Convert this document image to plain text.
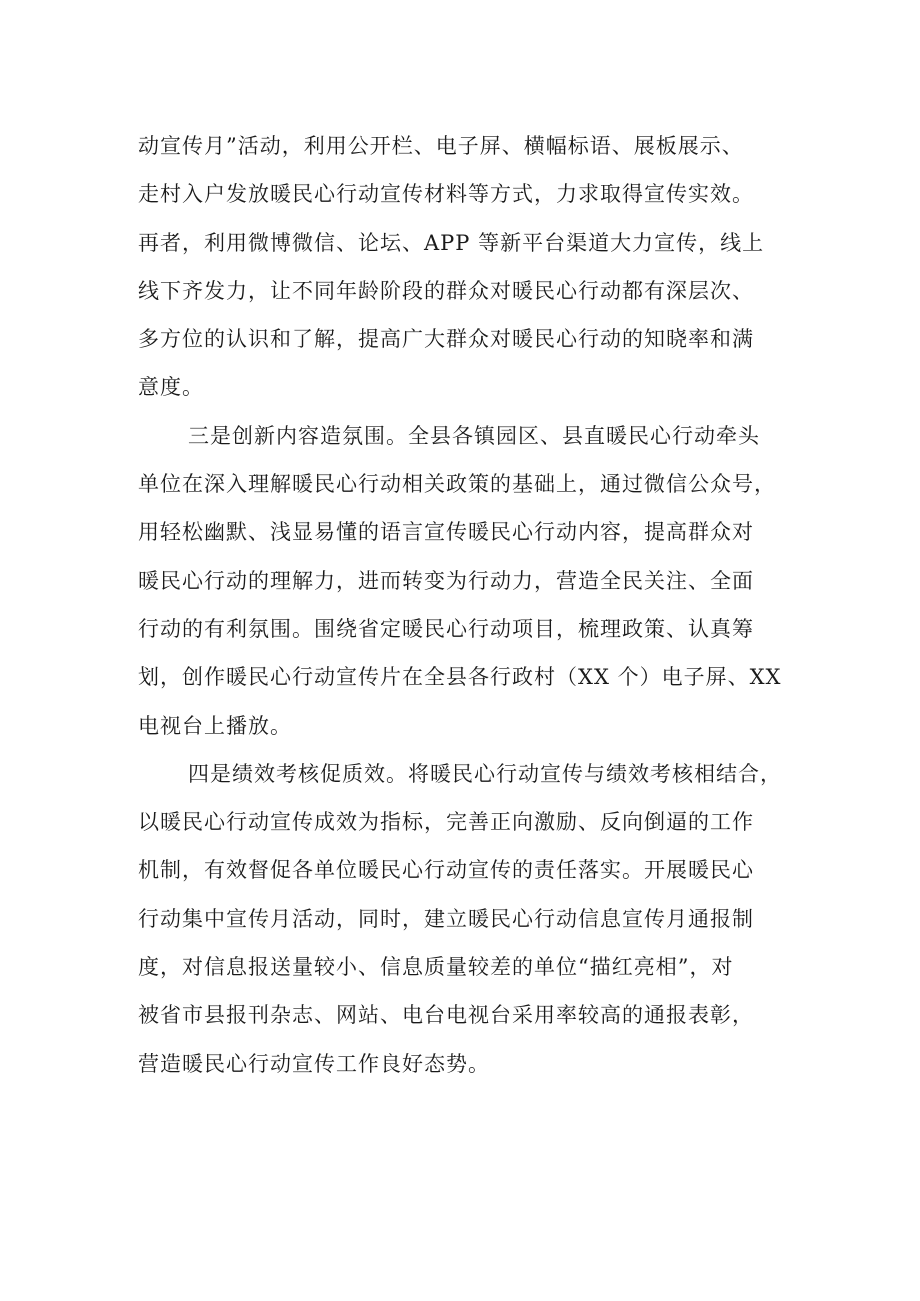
动宣传月”活动，利用公开栏、电子屏、横幅标语、展板展示、
走村入户发放暖民心行动宣传材料等方式，力求取得宣传实效。
再者，利用微博微信、论坛、APP 等新平台渠道大力宣传，线上
线下齐发力，让不同年龄阶段的群众对暖民心行动都有深层次、
多方位的认识和了解，提高广大群众对暖民心行动的知晓率和满
意度。
三是创新内容造氛围。全县各镇园区、县直暖民心行动牵头
单位在深入理解暖民心行动相关政策的基础上，通过微信公众号，
用轻松幽默、浅显易懂的语言宣传暖民心行动内容，提高群众对
暖民心行动的理解力，进而转变为行动力，营造全民关注、全面
行动的有利氛围。围绕省定暖民心行动项目，梳理政策、认真筹
划，创作暖民心行动宣传片在全县各行政村（XX 个）电子屏、XX
电视台上播放。
四是绩效考核促质效。将暖民心行动宣传与绩效考核相结合，
以暖民心行动宣传成效为指标，完善正向激励、反向倒逼的工作
机制，有效督促各单位暖民心行动宣传的责任落实。开展暖民心
行动集中宣传月活动，同时，建立暖民心行动信息宣传月通报制
度，对信息报送量较小、信息质量较差的单位“描红亮相”，对
被省市县报刊杂志、网站、电台电视台采用率较高的通报表彰，
营造暖民心行动宣传工作良好态势。
